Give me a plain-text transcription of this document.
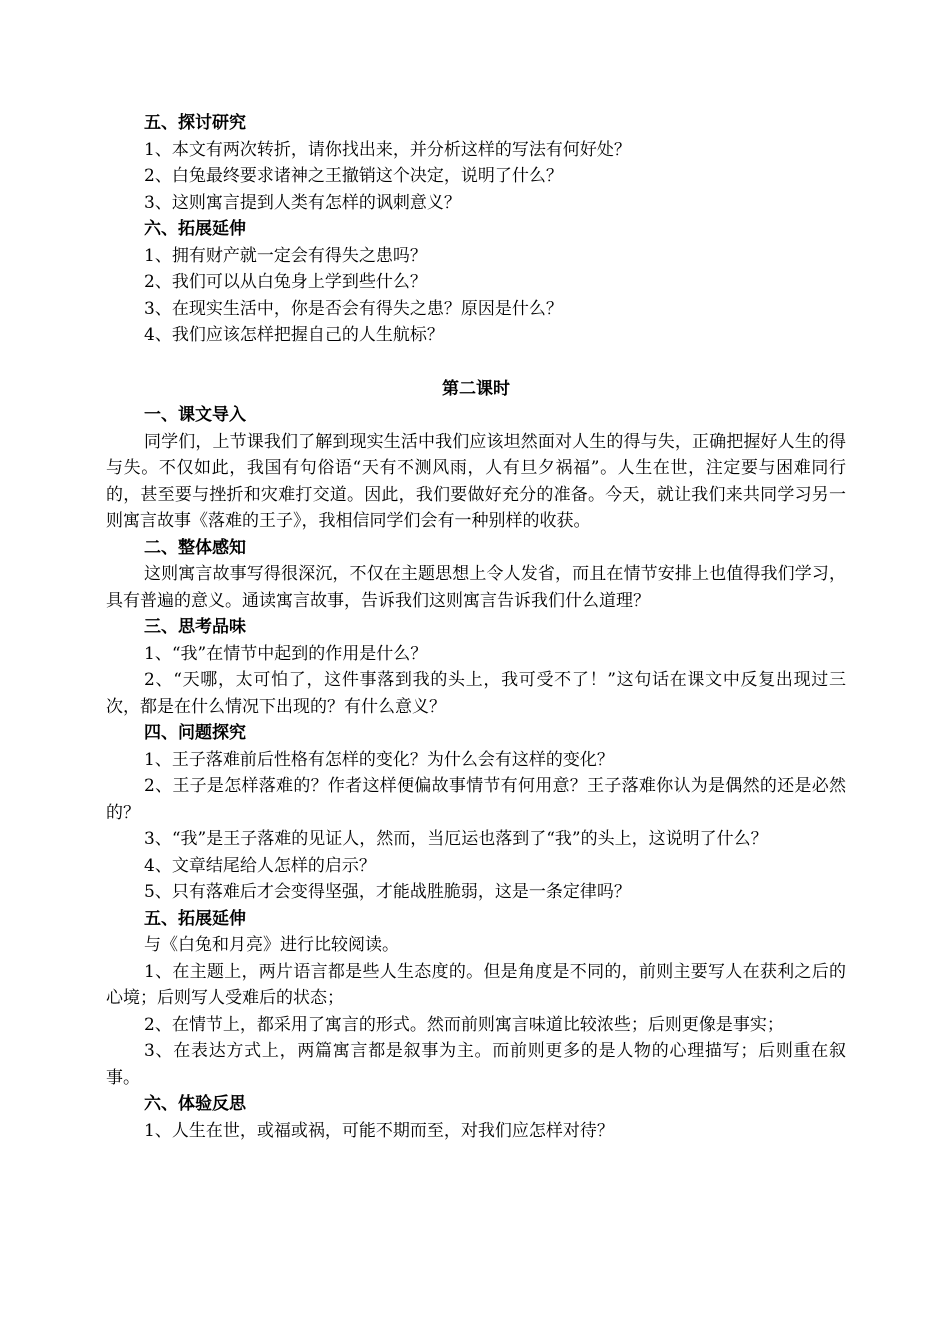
五、探讨研究

1、本文有两次转折，请你找出来，并分析这样的写法有何好处？

2、白兔最终要求诸神之王撤销这个决定，说明了什么？

3、这则寓言提到人类有怎样的讽刺意义？

六、拓展延伸

1、拥有财产就一定会有得失之患吗？

2、我们可以从白兔身上学到些什么？

3、在现实生活中，你是否会有得失之患？原因是什么？

4、我们应该怎样把握自己的人生航标？

第二课时

一、课文导入

同学们，上节课我们了解到现实生活中我们应该坦然面对人生的得与失，正确把握好人生的得与失。不仅如此，我国有句俗语“天有不测风雨，人有旦夕祸福”。人生在世，注定要与困难同行的，甚至要与挫折和灾难打交道。因此，我们要做好充分的准备。今天，就让我们来共同学习另一则寓言故事《落难的王子》，我相信同学们会有一种别样的收获。

二、整体感知

这则寓言故事写得很深沉，不仅在主题思想上令人发省，而且在情节安排上也值得我们学习，具有普遍的意义。通读寓言故事，告诉我们这则寓言告诉我们什么道理？

三、思考品味

1、“我”在情节中起到的作用是什么？

2、“天哪，太可怕了，这件事落到我的头上，我可受不了！”这句话在课文中反复出现过三次，都是在什么情况下出现的？有什么意义？

四、问题探究

1、王子落难前后性格有怎样的变化？为什么会有这样的变化？

2、王子是怎样落难的？作者这样便偏故事情节有何用意？王子落难你认为是偶然的还是必然的？

3、“我”是王子落难的见证人，然而，当厄运也落到了“我”的头上，这说明了什么？

4、文章结尾给人怎样的启示？

5、只有落难后才会变得坚强，才能战胜脆弱，这是一条定律吗？

五、拓展延伸

与《白兔和月亮》进行比较阅读。

1、在主题上，两片语言都是些人生态度的。但是角度是不同的，前则主要写人在获利之后的心境；后则写人受难后的状态；

2、在情节上，都采用了寓言的形式。然而前则寓言味道比较浓些；后则更像是事实；

3、在表达方式上，两篇寓言都是叙事为主。而前则更多的是人物的心理描写；后则重在叙事。

六、体验反思

1、人生在世，或福或祸，可能不期而至，对我们应怎样对待？
